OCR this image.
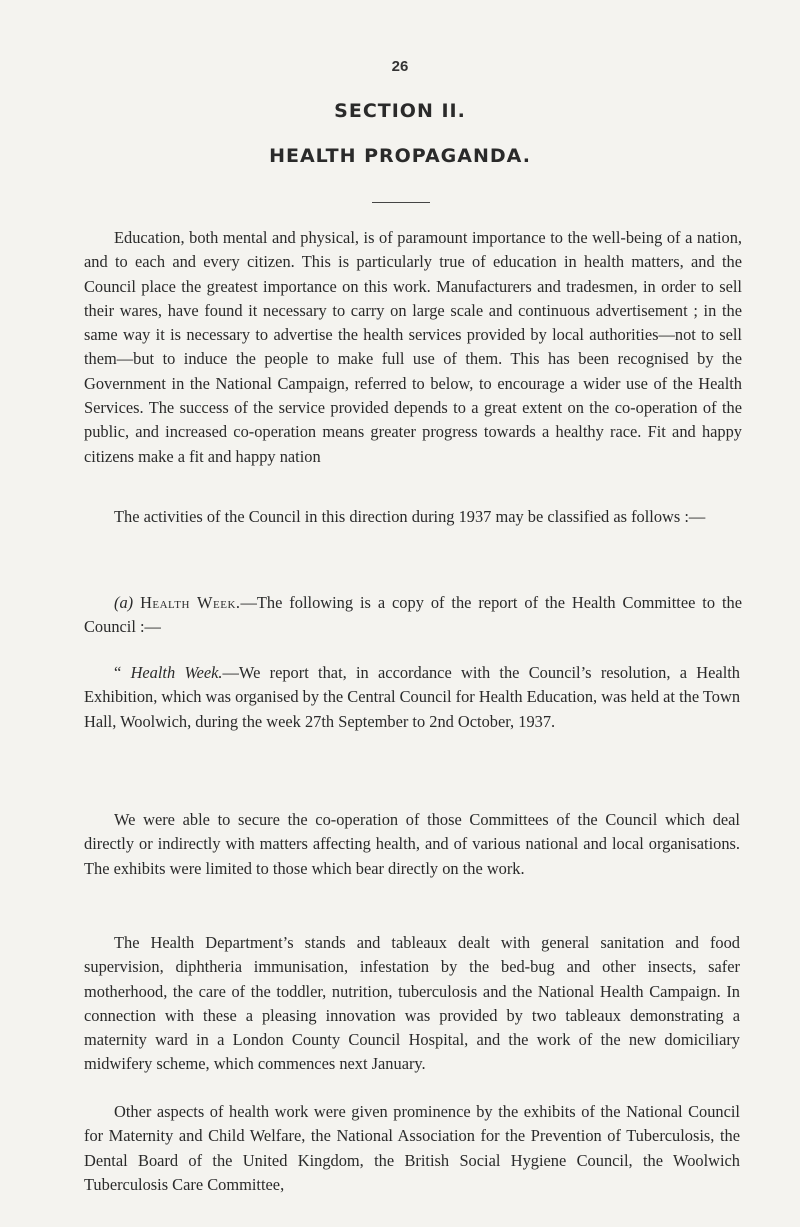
26
SECTION II.
HEALTH PROPAGANDA.

Education, both mental and physical, is of paramount importance to the well-being of a nation, and to each and every citizen. This is particularly true of education in health matters, and the Council place the greatest importance on this work. Manufacturers and tradesmen, in order to sell their wares, have found it necessary to carry on large scale and continuous advertisement ; in the same way it is necessary to advertise the health services provided by local authorities—not to sell them—but to induce the people to make full use of them. This has been recognised by the Government in the National Campaign, referred to below, to encourage a wider use of the Health Services. The success of the service provided depends to a great extent on the co-operation of the public, and increased co-operation means greater progress towards a healthy race. Fit and happy citizens make a fit and happy nation

The activities of the Council in this direction during 1937 may be classified as follows :—

(a) Health Week.—The following is a copy of the report of the Health Committee to the Council :—

“ Health Week.—We report that, in accordance with the Council’s resolution, a Health Exhibition, which was organised by the Central Council for Health Education, was held at the Town Hall, Woolwich, during the week 27th September to 2nd October, 1937.

We were able to secure the co-operation of those Committees of the Council which deal directly or indirectly with matters affecting health, and of various national and local organisations. The exhibits were limited to those which bear directly on the work.

The Health Department’s stands and tableaux dealt with general sanitation and food supervision, diphtheria immunisation, infestation by the bed-bug and other insects, safer motherhood, the care of the toddler, nutrition, tuberculosis and the National Health Campaign. In connection with these a pleasing innovation was provided by two tableaux demonstrating a maternity ward in a London County Council Hospital, and the work of the new domiciliary midwifery scheme, which commences next January.

Other aspects of health work were given prominence by the exhibits of the National Council for Maternity and Child Welfare, the National Association for the Prevention of Tuberculosis, the Dental Board of the United Kingdom, the British Social Hygiene Council, the Woolwich Tuberculosis Care Committee,
